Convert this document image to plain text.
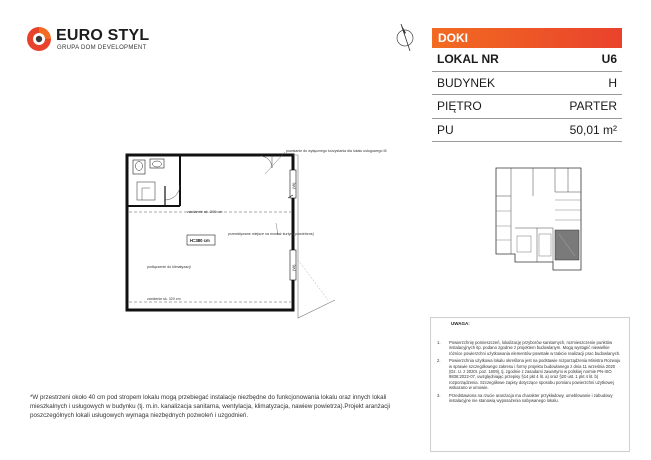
EURO STYL
GRUPA DOM DEVELOPMENT
DOKI
LOKAL NR	U6
BUDYNEK	H
PIĘTRO	PARTER
PU	50,01 m²
powstanie do wyłącznego korzystania dla lokalu usługowego I8
zaniżenie sk. 260 cm
H=380 cm
przewidywane miejsce na montaż kurtyny powietrznej
podłączenie do klimatyzacji
zaniżenie sk. 320 cm
(W)
(W)
UWAGA:
1.	Powierzchnię pomieszczeń, lokalizację przyborów sanitarnych, rozmieszczenie punktów instalacyjnych itp. podano zgodnie z projektem budowlanym. Mogą wystąpić niewielkie różnice powierzchni użytkowania elementów powstałe w trakcie realizacji prac budowlanych.
2.	Powierzchnia użytkowa lokalu określona jest na podstawie rozporządzenia Ministra Rozwoju w sprawie szczegółowego zakresu i formy projektu budowlanego z dnia 11 września 2020 (Dz. U. z 2020r. poz. 1609), tj. zgodnie z zasadami zawartymi w polskiej normie PN-ISO 9836:2022-07, uwzględniając przepisy §14 pkt 4 lit. a) oraz §20 ust. 1 pkt 4 lit. b) rozporządzenia. Szczegółowe zapisy dotyczące sposobu pomiaru powierzchni użytkowej wskazano w umowie.
3.	Przedstawiona na rzucie aranżacja ma charakter przykładowy, umeblowanie i zabudowy instalacyjne nie stanowią wyposażenia nabywanego lokalu.
*W przestrzeni około 40 cm pod stropem lokalu mogą przebiegać instalacje niezbędne do funkcjonowania lokalu oraz innych lokali mieszkalnych i usługowych w budynku (tj. m.in. kanalizacja sanitarna, wentylacja, klimatyzacja, nawiew powietrza).Projekt aranżacji poszczególnych lokali usługowych wymaga niezbędnych pozwoleń i uzgodnień.
